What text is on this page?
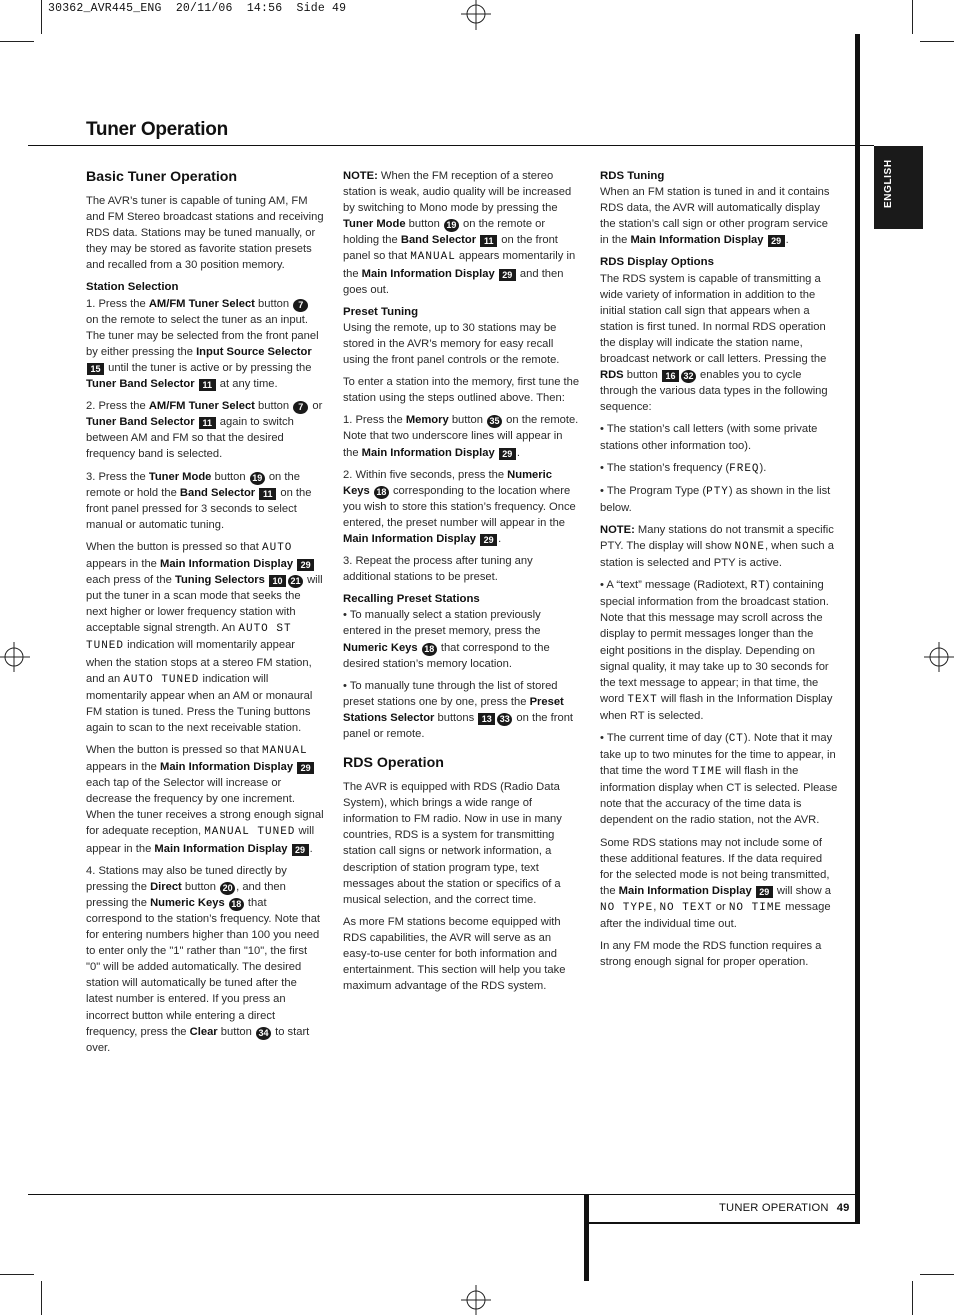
30362_AVR445_ENG  20/11/06  14:56  Side 49
Tuner Operation
ENGLISH
Basic Tuner Operation

The AVR’s tuner is capable of tuning AM, FM and FM Stereo broadcast stations and receiving RDS data. Stations may be tuned manually, or they may be stored as favorite station presets and recalled from a 30 position memory.

Station Selection

1. Press the AM/FM Tuner Select button 7 on the remote to select the tuner as an input. The tuner may be selected from the front panel by either pressing the Input Source Selector 15 until the tuner is active or by pressing the Tuner Band Selector 11 at any time.

2. Press the AM/FM Tuner Select button 7 or Tuner Band Selector 11 again to switch between AM and FM so that the desired frequency band is selected.

3. Press the Tuner Mode button 19 on the remote or hold the Band Selector 11 on the front panel pressed for 3 seconds to select manual or automatic tuning.

When the button is pressed so that AUTO appears in the Main Information Display 29 each press of the Tuning Selectors 10 21 will put the tuner in a scan mode that seeks the next higher or lower frequency station with acceptable signal strength. An AUTO ST TUNED indication will momentarily appear when the station stops at a stereo FM station, and an AUTO TUNED indication will momentarily appear when an AM or monaural FM station is tuned. Press the Tuning buttons again to scan to the next receivable station.

When the button is pressed so that MANUAL appears in the Main Information Display 29 each tap of the Selector will increase or decrease the frequency by one increment. When the tuner receives a strong enough signal for adequate reception, MANUAL TUNED will appear in the Main Information Display 29 .

4. Stations may also be tuned directly by pressing the Direct button 20 , and then pressing the Numeric Keys 18 that correspond to the station’s frequency. Note that for entering numbers higher than 100 you need to enter only the "1" rather than "10", the first "0" will be added automatically. The desired station will automatically be tuned after the latest number is entered. If you press an incorrect button while entering a direct frequency, press the Clear button 34 to start over.

NOTE: When the FM reception of a stereo station is weak, audio quality will be increased by switching to Mono mode by pressing the Tuner Mode button 19 on the remote or holding the Band Selector 11 on the front panel so that MANUAL appears momentarily in the Main Information Display 29 and then goes out.

Preset Tuning

Using the remote, up to 30 stations may be stored in the AVR’s memory for easy recall using the front panel controls or the remote.

To enter a station into the memory, first tune the station using the steps outlined above. Then:

1. Press the Memory button 35 on the remote. Note that two underscore lines will appear in the Main Information Display 29 .

2. Within five seconds, press the Numeric Keys 18 corresponding to the location where you wish to store this station’s frequency. Once entered, the preset number will appear in the Main Information Display 29 .

3. Repeat the process after tuning any additional stations to be preset.

Recalling Preset Stations

• To manually select a station previously entered in the preset memory, press the Numeric Keys 18 that correspond to the desired station’s memory location.

• To manually tune through the list of stored preset stations one by one, press the Preset Stations Selector buttons 13 33 on the front panel or remote.

RDS Operation

The AVR is equipped with RDS (Radio Data System), which brings a wide range of information to FM radio. Now in use in many countries, RDS is a system for transmitting station call signs or network information, a description of station program type, text messages about the station or specifics of a musical selection, and the correct time.

As more FM stations become equipped with RDS capabilities, the AVR will serve as an easy-to-use center for both information and entertainment. This section will help you take maximum advantage of the RDS system.

RDS Tuning

When an FM station is tuned in and it contains RDS data, the AVR will automatically display the station’s call sign or other program service in the Main Information Display 29 .

RDS Display Options

The RDS system is capable of transmitting a wide variety of information in addition to the initial station call sign that appears when a station is first tuned. In normal RDS operation the display will indicate the station name, broadcast network or call letters. Pressing the RDS button 16 32 enables you to cycle through the various data types in the following sequence:

• The station’s call letters (with some private stations other information too).

• The station’s frequency (FREQ).

• The Program Type (PTY) as shown in the list below.

NOTE: Many stations do not transmit a specific PTY. The display will show NONE, when such a station is selected and PTY is active.

• A “text” message (Radiotext, RT) containing special information from the broadcast station. Note that this message may scroll across the display to permit messages longer than the eight positions in the display. Depending on signal quality, it may take up to 30 seconds for the text message to appear; in that time, the word TEXT will flash in the Information Display when RT is selected.

• The current time of day (CT). Note that it may take up to two minutes for the time to appear, in that time the word TIME will flash in the information display when CT is selected. Please note that the accuracy of the time data is dependent on the radio station, not the AVR.

Some RDS stations may not include some of these additional features. If the data required for the selected mode is not being transmitted, the Main Information Display 29 will show a NO TYPE, NO TEXT or NO TIME message after the individual time out.

In any FM mode the RDS function requires a strong enough signal for proper operation.

TUNER OPERATION 49
